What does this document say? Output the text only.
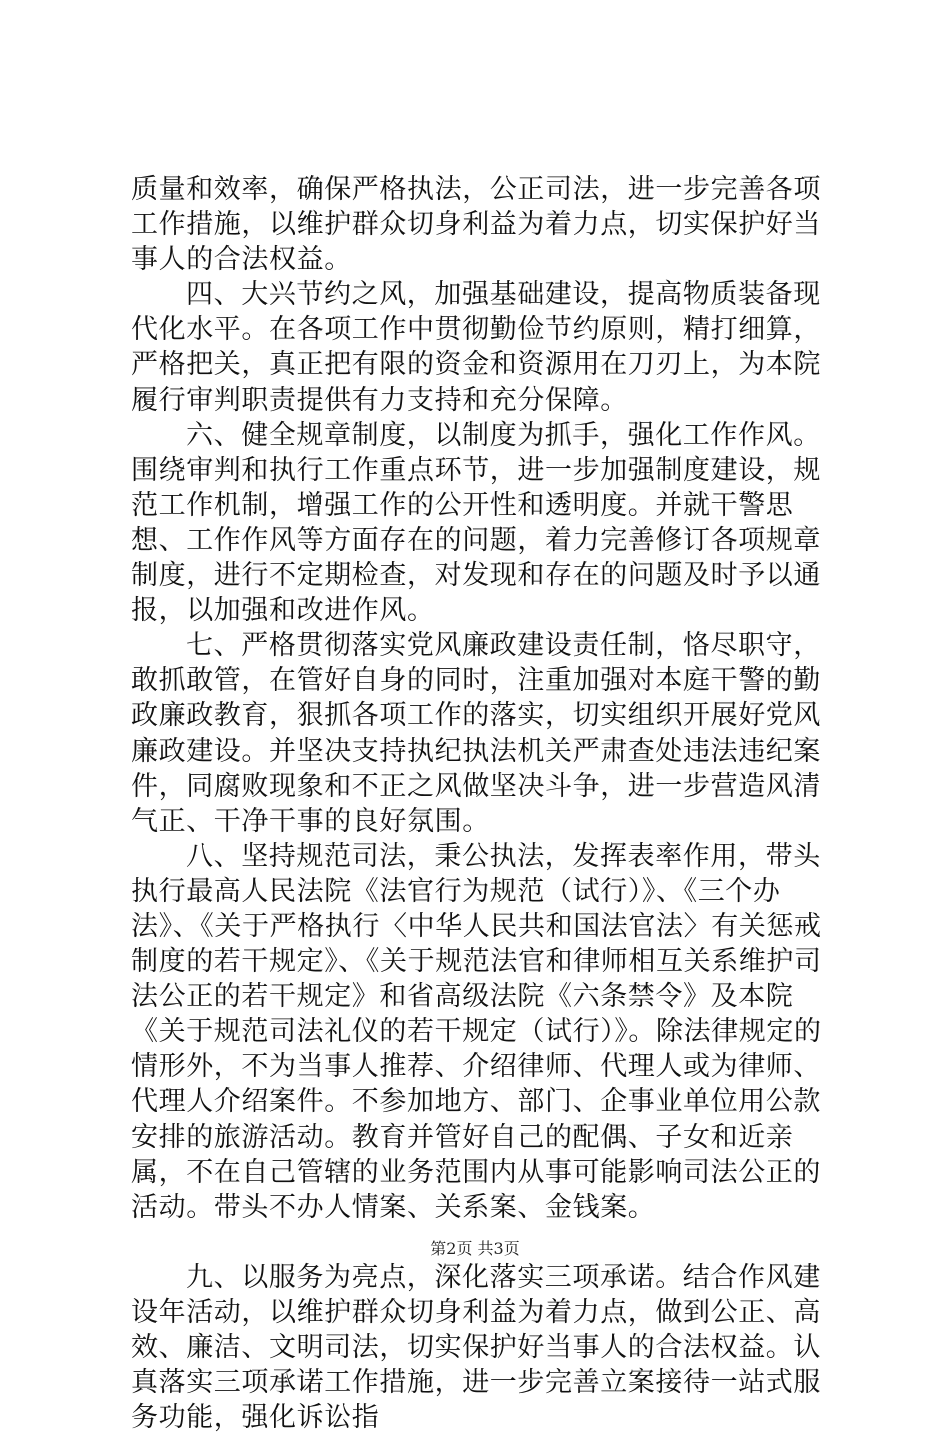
质量和效率，确保严格执法，公正司法，进一步完善各项工作措施，以维护群众切身利益为着力点，切实保护好当事人的合法权益。

四、大兴节约之风，加强基础建设，提高物质装备现代化水平。在各项工作中贯彻勤俭节约原则，精打细算，严格把关，真正把有限的资金和资源用在刀刃上，为本院履行审判职责提供有力支持和充分保障。

六、健全规章制度，以制度为抓手，强化工作作风。围绕审判和执行工作重点环节，进一步加强制度建设，规范工作机制，增强工作的公开性和透明度。并就干警思想、工作作风等方面存在的问题，着力完善修订各项规章制度，进行不定期检查，对发现和存在的问题及时予以通报，以加强和改进作风。

七、严格贯彻落实党风廉政建设责任制，恪尽职守，敢抓敢管，在管好自身的同时，注重加强对本庭干警的勤政廉政教育，狠抓各项工作的落实，切实组织开展好党风廉政建设。并坚决支持执纪执法机关严肃查处违法违纪案件，同腐败现象和不正之风做坚决斗争，进一步营造风清气正、干净干事的良好氛围。

八、坚持规范司法，秉公执法，发挥表率作用，带头执行最高人民法院《法官行为规范（试行）》、《三个办法》、《关于严格执行〈中华人民共和国法官法〉有关惩戒制度的若干规定》、《关于规范法官和律师相互关系维护司法公正的若干规定》和省高级法院《六条禁令》及本院《关于规范司法礼仪的若干规定（试行）》。除法律规定的情形外，不为当事人推荐、介绍律师、代理人或为律师、代理人介绍案件。不参加地方、部门、企事业单位用公款安排的旅游活动。教育并管好自己的配偶、子女和近亲属，不在自己管辖的业务范围内从事可能影响司法公正的活动。带头不办人情案、关系案、金钱案。

九、以服务为亮点，深化落实三项承诺。结合作风建设年活动，以维护群众切身利益为着力点，做到公正、高效、廉洁、文明司法，切实保护好当事人的合法权益。认真落实三项承诺工作措施，进一步完善立案接待一站式服务功能，强化诉讼指

第2页 共3页
